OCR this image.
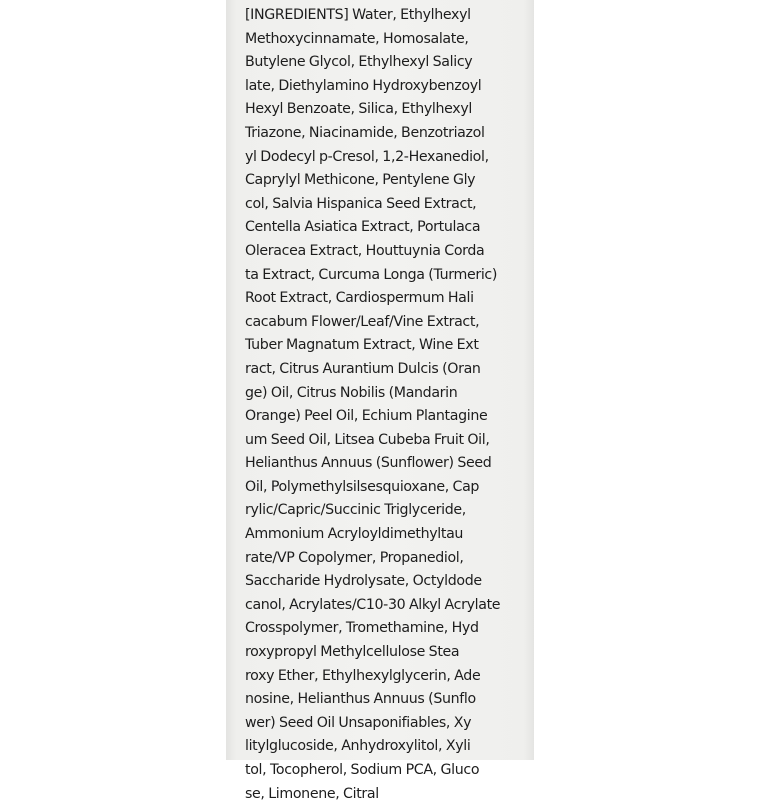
[INGREDIENTS] Water, Ethylhexyl
Methoxycinnamate, Homosalate,
Butylene Glycol, Ethylhexyl Salicy
late, Diethylamino Hydroxybenzoyl
Hexyl Benzoate, Silica, Ethylhexyl
Triazone, Niacinamide, Benzotriazol
yl Dodecyl p-Cresol, 1,2-Hexanediol,
Caprylyl Methicone, Pentylene Gly
col, Salvia Hispanica Seed Extract,
Centella Asiatica Extract, Portulaca
Oleracea Extract, Houttuynia Corda
ta Extract, Curcuma Longa (Turmeric)
Root Extract, Cardiospermum Hali
cacabum Flower/Leaf/Vine Extract,
Tuber Magnatum Extract, Wine Ext
ract, Citrus Aurantium Dulcis (Oran
ge) Oil, Citrus Nobilis (Mandarin
Orange) Peel Oil, Echium Plantagine
um Seed Oil, Litsea Cubeba Fruit Oil,
Helianthus Annuus (Sunflower) Seed
Oil, Polymethylsilsesquioxane, Cap
rylic/Capric/Succinic Triglyceride,
Ammonium Acryloyldimethyltau
rate/VP Copolymer, Propanediol,
Saccharide Hydrolysate, Octyldode
canol, Acrylates/C10-30 Alkyl Acrylate
Crosspolymer, Tromethamine, Hyd
roxypropyl Methylcellulose Stea
roxy Ether, Ethylhexylglycerin, Ade
nosine, Helianthus Annuus (Sunflo
wer) Seed Oil Unsaponifiables, Xy
litylglucoside, Anhydroxylitol, Xyli
tol, Tocopherol, Sodium PCA, Gluco
se, Limonene, Citral
